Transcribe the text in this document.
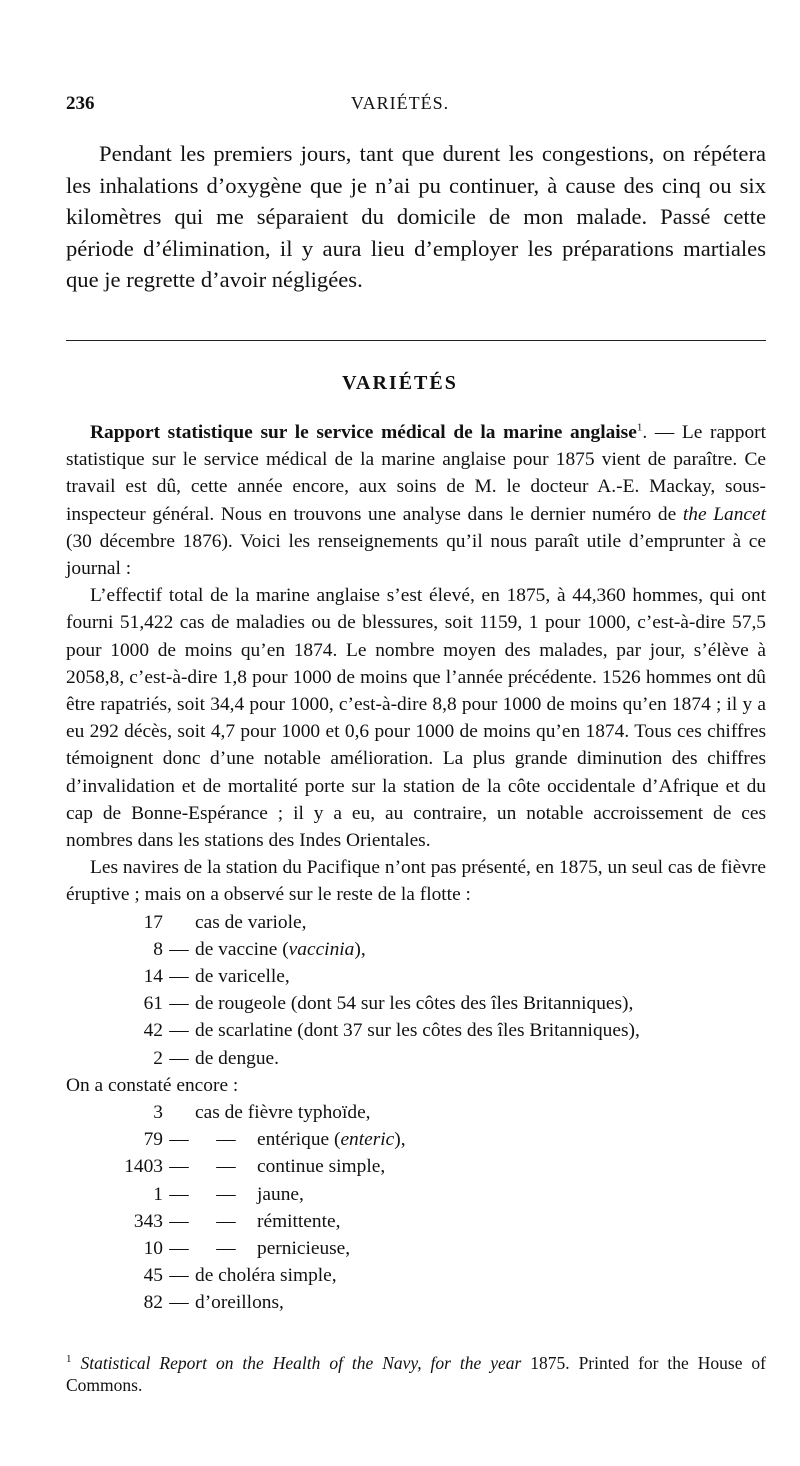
236	VARIÉTÉS.

Pendant les premiers jours, tant que durent les congestions, on répétera les inhalations d’oxygène que je n’ai pu continuer, à cause des cinq ou six kilomètres qui me séparaient du domicile de mon malade. Passé cette période d’élimination, il y aura lieu d’employer les préparations martiales que je regrette d’avoir négligées.

VARIÉTÉS

Rapport statistique sur le service médical de la marine anglaise$^1$. — Le rapport statistique sur le service médical de la marine anglaise pour 1875 vient de paraître. Ce travail est dû, cette année encore, aux soins de M. le docteur A.-E. Mackay, sous-inspecteur général. Nous en trouvons une analyse dans le dernier numéro de the Lancet (30 décembre 1876). Voici les renseignements qu’il nous paraît utile d’emprunter à ce journal :

L’effectif total de la marine anglaise s’est élevé, en 1875, à 44,360 hommes, qui ont fourni 51,422 cas de maladies ou de blessures, soit 1159, 1 pour 1000, c’est-à-dire 57,5 pour 1000 de moins qu’en 1874. Le nombre moyen des malades, par jour, s’élève à 2058,8, c’est-à-dire 1,8 pour 1000 de moins que l’année précédente. 1526 hommes ont dû être rapatriés, soit 34,4 pour 1000, c’est-à-dire 8,8 pour 1000 de moins qu’en 1874 ; il y a eu 292 décès, soit 4,7 pour 1000 et 0,6 pour 1000 de moins qu’en 1874. Tous ces chiffres témoignent donc d’une notable amélioration. La plus grande diminution des chiffres d’invalidation et de mortalité porte sur la station de la côte occidentale d’Afrique et du cap de Bonne-Espérance ; il y a eu, au contraire, un notable accroissement de ces nombres dans les stations des Indes Orientales.

Les navires de la station du Pacifique n’ont pas présenté, en 1875, un seul cas de fièvre éruptive ; mais on a observé sur le reste de la flotte :

17 cas de variole,
8 — de vaccine (vaccinia),
14 — de varicelle,
61 — de rougeole (dont 54 sur les côtes des îles Britanniques),
42 — de scarlatine (dont 37 sur les côtes des îles Britanniques),
2 — de dengue.

On a constaté encore :

3 cas de fièvre typhoïde,
79 — — entérique (enteric),
1403 — — continue simple,
1 — — jaune,
343 — — rémittente,
10 — — pernicieuse,
45 — de choléra simple,
82 — d’oreillons,
$^1$ Statistical Report on the Health of the Navy, for the year 1875. Printed for the House of Commons.
